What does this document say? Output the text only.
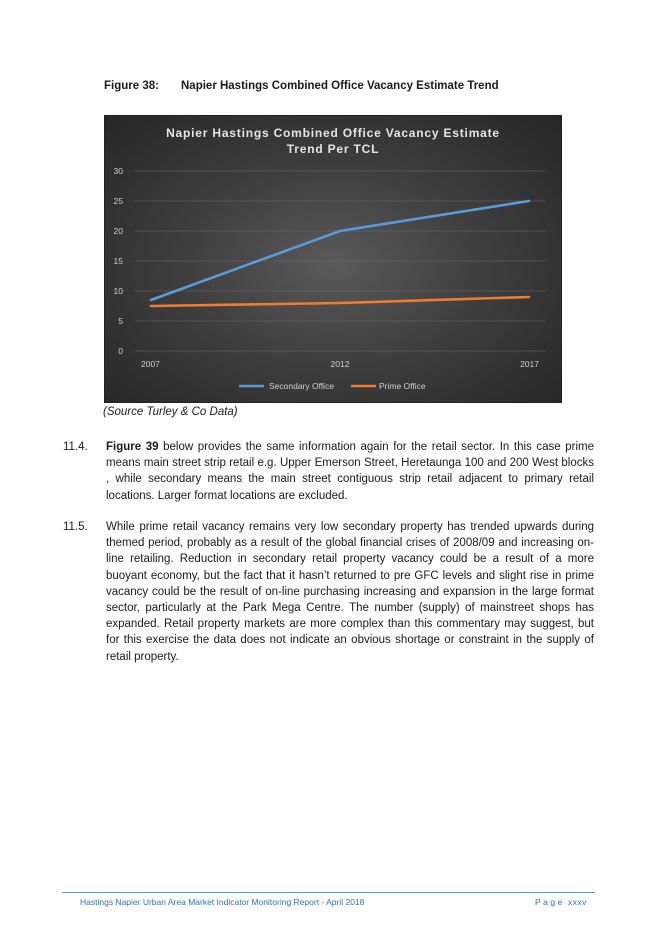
Figure 38: Napier Hastings Combined Office Vacancy Estimate Trend
Napier Hastings Combined Office Vacancy Estimate
Trend Per TCL
0
5
10
15
20
25
30
2007	2012	2017
Secondary Office	Prime Office
(Source Turley & Co Data)
11.4. Figure 39 below provides the same information again for the retail sector. In this case prime means main street strip retail e.g. Upper Emerson Street, Heretaunga 100 and 200 West blocks , while secondary means the main street contiguous strip retail adjacent to primary retail locations. Larger format locations are excluded.
11.5. While prime retail vacancy remains very low secondary property has trended upwards during themed period, probably as a result of the global financial crises of 2008/09 and increasing on-line retailing. Reduction in secondary retail property vacancy could be a result of a more buoyant economy, but the fact that it hasn’t returned to pre GFC levels and slight rise in prime vacancy could be the result of on-line purchasing increasing and expansion in the large format sector, particularly at the Park Mega Centre. The number (supply) of mainstreet shops has expanded. Retail property markets are more complex than this commentary may suggest, but for this exercise the data does not indicate an obvious shortage or constraint in the supply of retail property.
Hastings Napier Urban Area Market Indicator Monitoring Report - April 2018	Page xxxv
